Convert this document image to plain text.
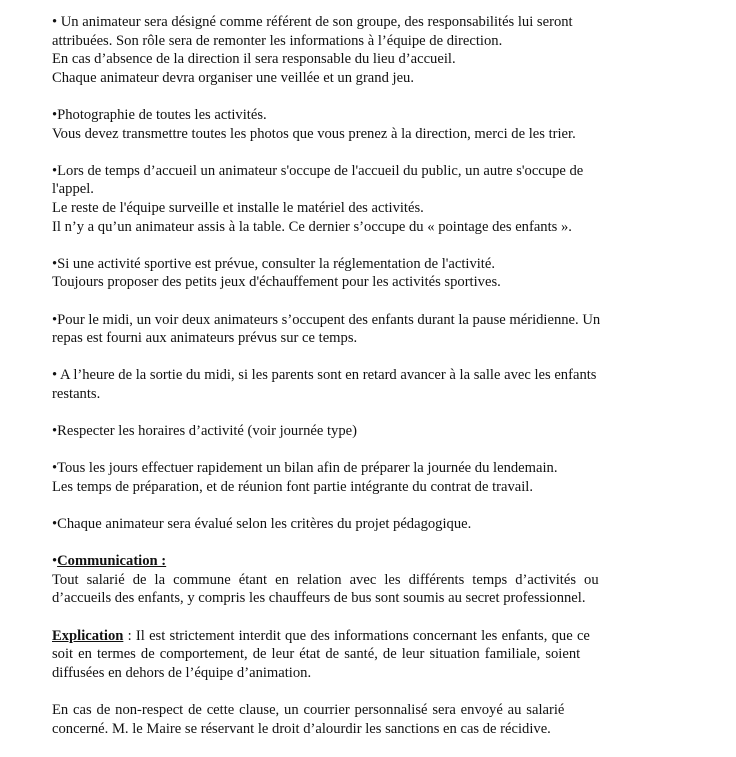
• Un animateur sera désigné comme référent de son groupe, des responsabilités lui seront
attribuées. Son rôle sera de remonter les informations à l’équipe de direction.
En cas d’absence de la direction il sera responsable du lieu d’accueil.
Chaque animateur devra organiser une veillée et un grand jeu.
•Photographie de toutes les activités.
Vous devez transmettre toutes les photos que vous prenez à la direction, merci de les trier.
•Lors de temps d’accueil un animateur s'occupe de l'accueil du public, un autre s'occupe de
l'appel.
Le reste de l'équipe surveille et installe le matériel des activités.
Il n’y a qu’un animateur assis à la table. Ce dernier s’occupe du « pointage des enfants ».
•Si une activité sportive est prévue, consulter la réglementation de l'activité.
Toujours proposer des petits jeux d'échauffement pour les activités sportives.
•Pour le midi, un voir deux animateurs s’occupent des enfants durant la pause méridienne. Un
repas est fourni aux animateurs prévus sur ce temps.
• A l’heure de la sortie du midi, si les parents sont en retard avancer à la salle avec les enfants
restants.
•Respecter les horaires d’activité (voir journée type)
•Tous les jours effectuer rapidement un bilan afin de préparer la journée du lendemain.
Les temps de préparation, et de réunion font partie intégrante du contrat de travail.
•Chaque animateur sera évalué selon les critères du projet pédagogique.
•Communication :
Tout salarié de la commune étant en relation avec les différents temps d’activités ou
d’accueils des enfants, y compris les chauffeurs de bus sont soumis au secret professionnel.
Explication : Il est strictement interdit que des informations concernant les enfants, que ce
soit en termes de comportement, de leur état de santé, de leur situation familiale, soient
diffusées en dehors de l’équipe d’animation.
En cas de non-respect de cette clause, un courrier personnalisé sera envoyé au salarié
concerné. M. le Maire se réservant le droit d’alourdir les sanctions en cas de récidive.
